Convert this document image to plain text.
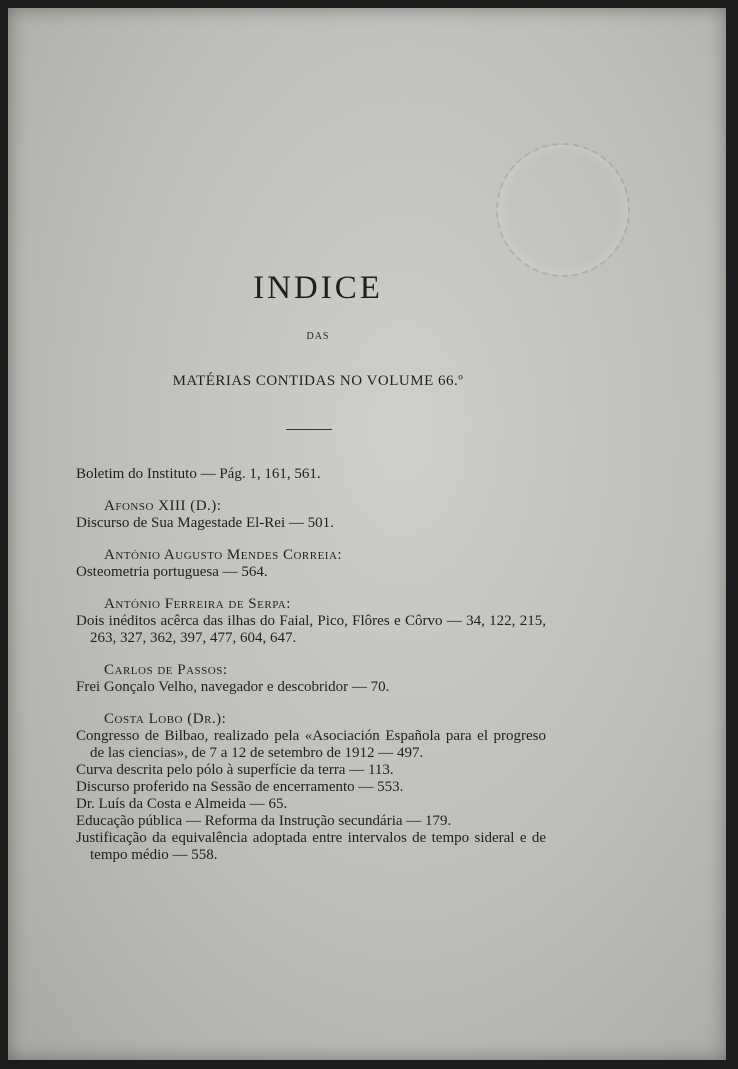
INDICE
DAS
MATÉRIAS CONTIDAS NO VOLUME 66.º
Boletim do Instituto — Pág. 1, 161, 561.
Afonso XIII (D.):
Discurso de Sua Magestade El-Rei — 501.
António Augusto Mendes Correia:
Osteometria portuguesa — 564.
António Ferreira de Serpa:
Dois inéditos acêrca das ilhas do Faial, Pico, Flôres e Côrvo — 34, 122, 215, 263, 327, 362, 397, 477, 604, 647.
Carlos de Passos:
Frei Gonçalo Velho, navegador e descobridor — 70.
Costa Lobo (Dr.):
Congresso de Bilbao, realizado pela «Asociación Española para el progreso de las ciencias», de 7 a 12 de setembro de 1912 — 497.
Curva descrita pelo pólo à superfície da terra — 113.
Discurso proferido na Sessão de encerramento — 553.
Dr. Luís da Costa e Almeida — 65.
Educação pública — Reforma da Instrução secundária — 179.
Justificação da equivalência adoptada entre intervalos de tempo sideral e de tempo médio — 558.
